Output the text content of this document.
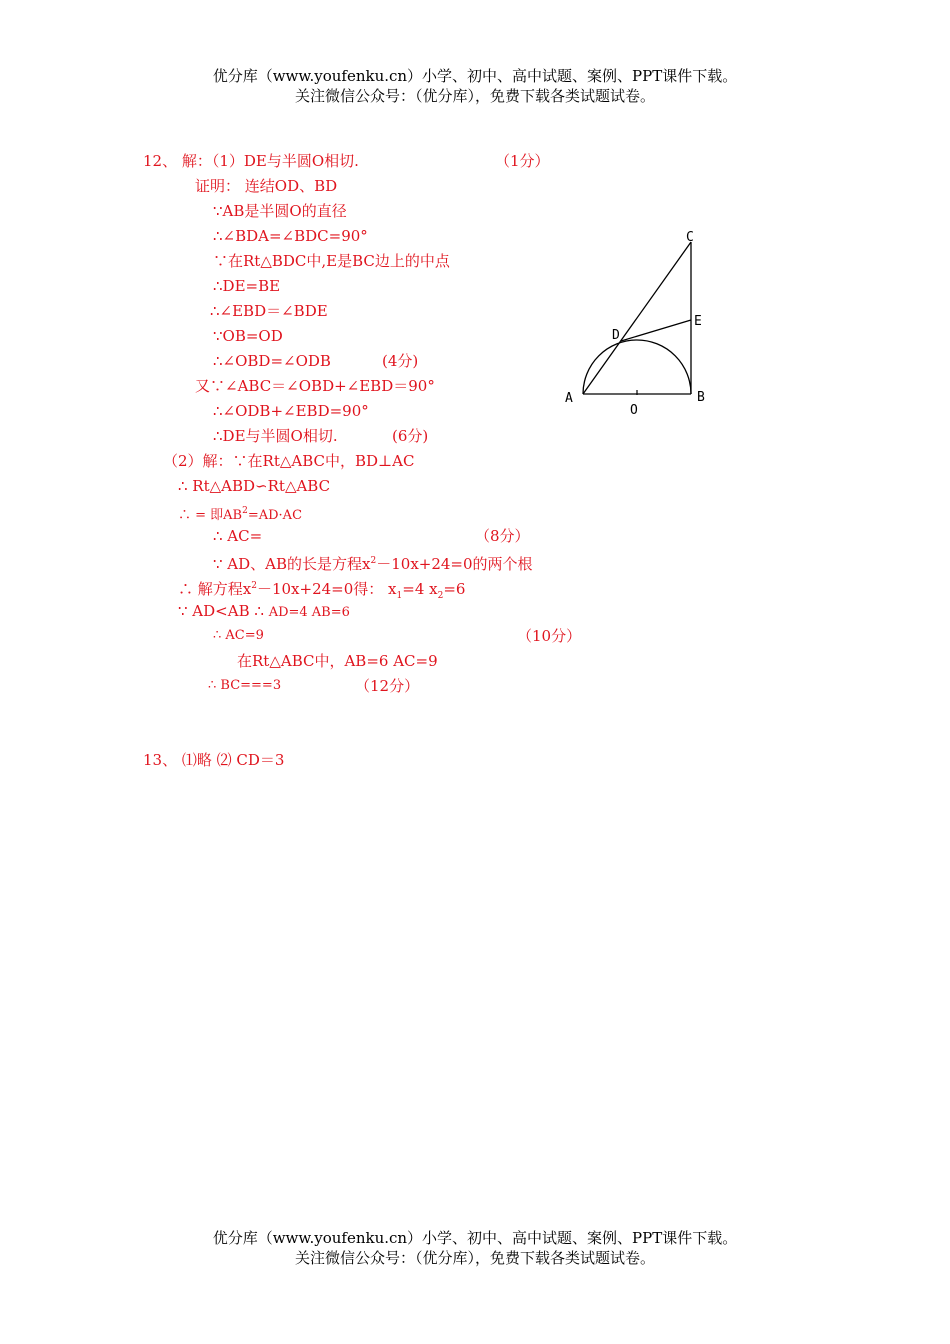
优分库（www.youfenku.cn）小学、初中、高中试题、案例、PPT课件下载。
关注微信公众号：（优分库），免费下载各类试题试卷。
12、 解：（1）DE与半圆O相切.	（1分）
证明： 连结OD、BD
∵AB是半圆O的直径
∴∠BDA=∠BDC=90°
∵在Rt△BDC中,E是BC边上的中点
∴DE=BE
∴∠EBD＝∠BDE
∵OB=OD
∴∠OBD=∠ODB	(4分)
又∵∠ABC＝∠OBD+∠EBD＝90°
∴∠ODB+∠EBD=90°
∴DE与半圆O相切.	(6分)
（2）解：∵在Rt△ABC中，BD⊥AC
∴ Rt△ABD∽Rt△ABC
∴ = 即$AB^2=AD\cdot AC$
∴ AC=	（8分）
∵ AD、AB的长是方程$x^2-10x+24=0$的两个根
∴ 解方程$x^2-10x+24=0$得： $x_1=4$ $x_2=6$
∵ AD<AB ∴ AD=4 AB=6
∴ AC=9	（10分）
在Rt△ABC中，AB=6 AC=9
∴ BC===3	（12分）
13、 ⑴略 ⑵ CD＝3
C
D
E
A
O
B
优分库（www.youfenku.cn）小学、初中、高中试题、案例、PPT课件下载。
关注微信公众号：（优分库），免费下载各类试题试卷。
